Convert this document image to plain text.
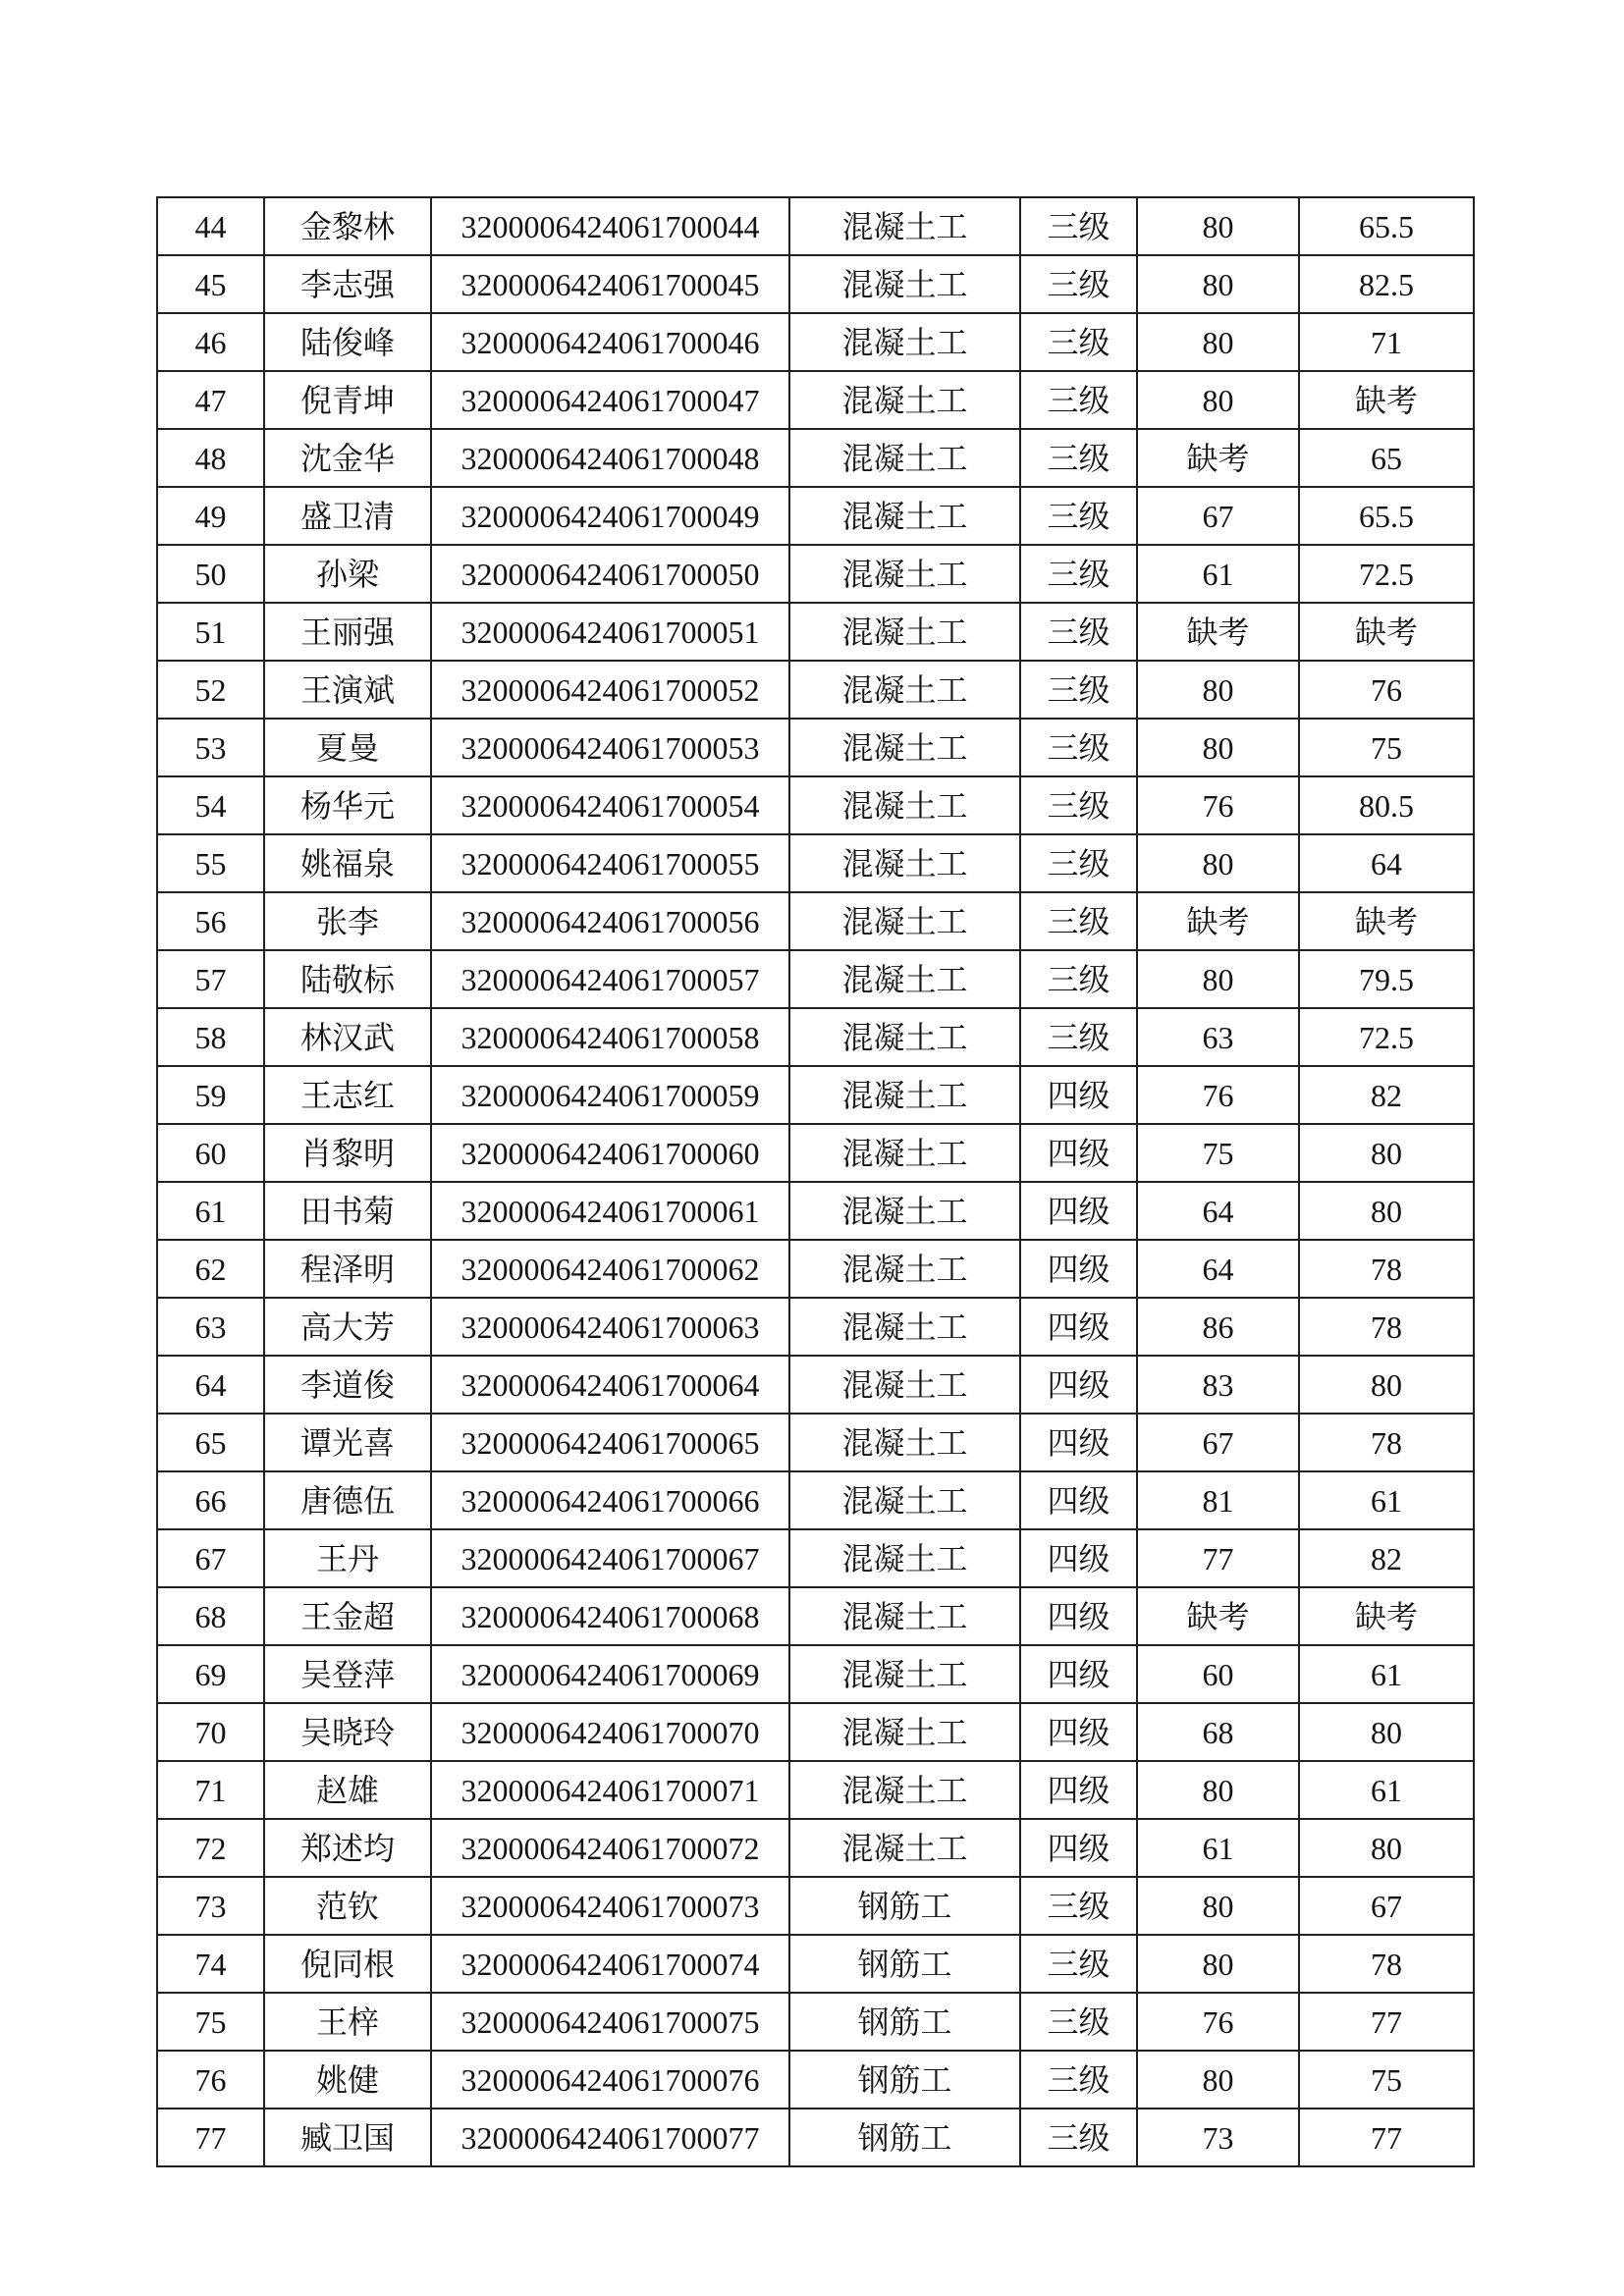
44	金黎林	3200006424061700044	混凝土工	三级	80	65.5
45	李志强	3200006424061700045	混凝土工	三级	80	82.5
46	陆俊峰	3200006424061700046	混凝土工	三级	80	71
47	倪青坤	3200006424061700047	混凝土工	三级	80	缺考
48	沈金华	3200006424061700048	混凝土工	三级	缺考	65
49	盛卫清	3200006424061700049	混凝土工	三级	67	65.5
50	孙梁	3200006424061700050	混凝土工	三级	61	72.5
51	王丽强	3200006424061700051	混凝土工	三级	缺考	缺考
52	王演斌	3200006424061700052	混凝土工	三级	80	76
53	夏曼	3200006424061700053	混凝土工	三级	80	75
54	杨华元	3200006424061700054	混凝土工	三级	76	80.5
55	姚福泉	3200006424061700055	混凝土工	三级	80	64
56	张李	3200006424061700056	混凝土工	三级	缺考	缺考
57	陆敬标	3200006424061700057	混凝土工	三级	80	79.5
58	林汉武	3200006424061700058	混凝土工	三级	63	72.5
59	王志红	3200006424061700059	混凝土工	四级	76	82
60	肖黎明	3200006424061700060	混凝土工	四级	75	80
61	田书菊	3200006424061700061	混凝土工	四级	64	80
62	程泽明	3200006424061700062	混凝土工	四级	64	78
63	高大芳	3200006424061700063	混凝土工	四级	86	78
64	李道俊	3200006424061700064	混凝土工	四级	83	80
65	谭光喜	3200006424061700065	混凝土工	四级	67	78
66	唐德伍	3200006424061700066	混凝土工	四级	81	61
67	王丹	3200006424061700067	混凝土工	四级	77	82
68	王金超	3200006424061700068	混凝土工	四级	缺考	缺考
69	吴登萍	3200006424061700069	混凝土工	四级	60	61
70	吴晓玲	3200006424061700070	混凝土工	四级	68	80
71	赵雄	3200006424061700071	混凝土工	四级	80	61
72	郑述均	3200006424061700072	混凝土工	四级	61	80
73	范钦	3200006424061700073	钢筋工	三级	80	67
74	倪同根	3200006424061700074	钢筋工	三级	80	78
75	王梓	3200006424061700075	钢筋工	三级	76	77
76	姚健	3200006424061700076	钢筋工	三级	80	75
77	臧卫国	3200006424061700077	钢筋工	三级	73	77
